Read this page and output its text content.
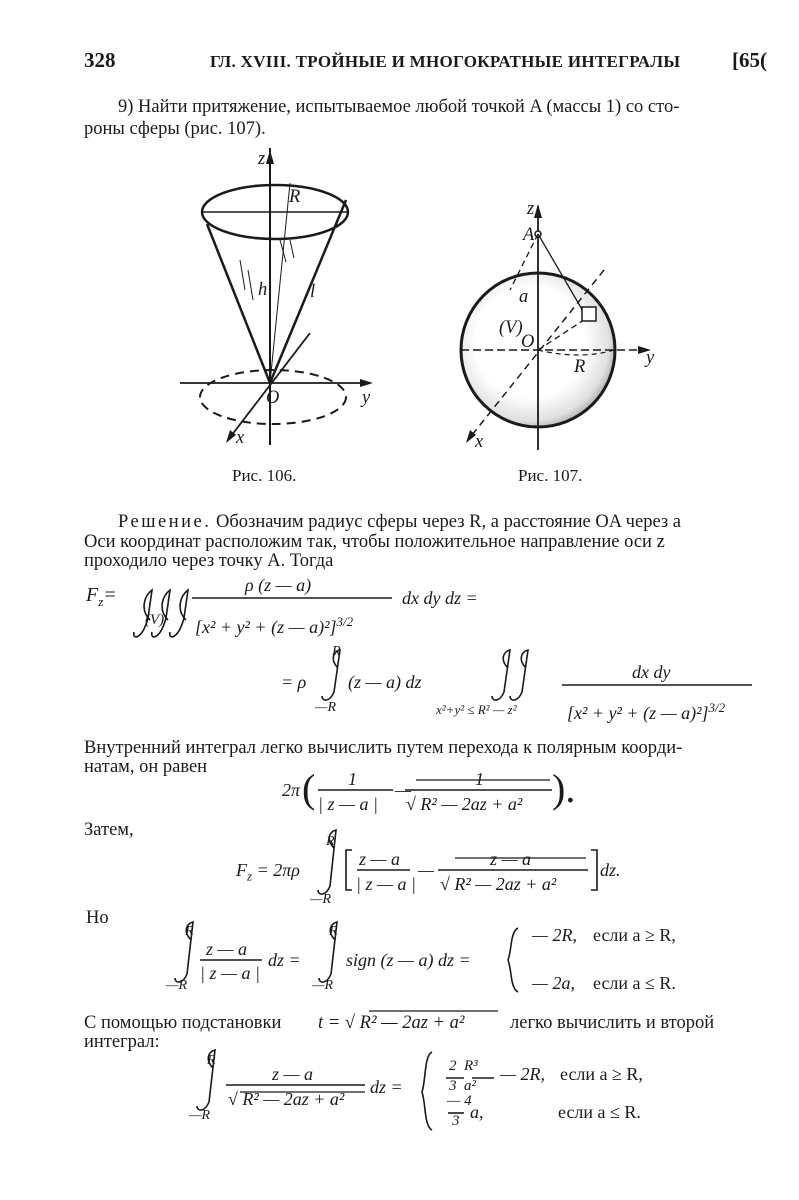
328	ГЛ. XVIII. ТРОЙНЫЕ И МНОГОКРАТНЫЕ ИНТЕГРАЛЫ [65(
9) Найти притяжение, испытываемое любой точкой A (массы 1) со сто-
роны сферы (рис. 107).
z
R
h l
O	y
x
Рис. 106.
z
A
a
(V)
O
R	y
x
Рис. 107.
Решение. Обозначим радиус сферы через R, а расстояние OA через a
Оси координат расположим так, чтобы положительное направление оси z
проходило через точку A. Тогда
$F_z=$
(V)
ρ (z — a)
[x² + y² + (z — a)²]$^{3/2}$
dx dy dz =
= ρ
R
—R
(z — a) dz
x²+y² ≤ R² — z²
dx dy
[x² + y² + (z — a)²]$^{3/2}$
Внутренний интеграл легко вычислить путем перехода к полярным коорди-
натам, он равен
2π ( 1
| z — a |
—
1
√ R² — 2az + a² ).
Затем,
$F_z = 2\pi\rho$
R
—R
z — a
| z — a |
—
z — a
√ R² — 2az + a²
dz.
Но
R
—R
z — a
| z — a |
dz =
R
—R
sign (z — a) dz =
— 2R, если a ≥ R,
— 2a, если a ≤ R.
С помощью подстановки t = √ R² — 2az + a² легко вычислить и второй
интеграл:
R
—R
z — a
√ R² — 2az + a²
dz =
2  R³
3  a²
— 2R, если a ≥ R,
— 4
3 a,	если a ≤ R.
